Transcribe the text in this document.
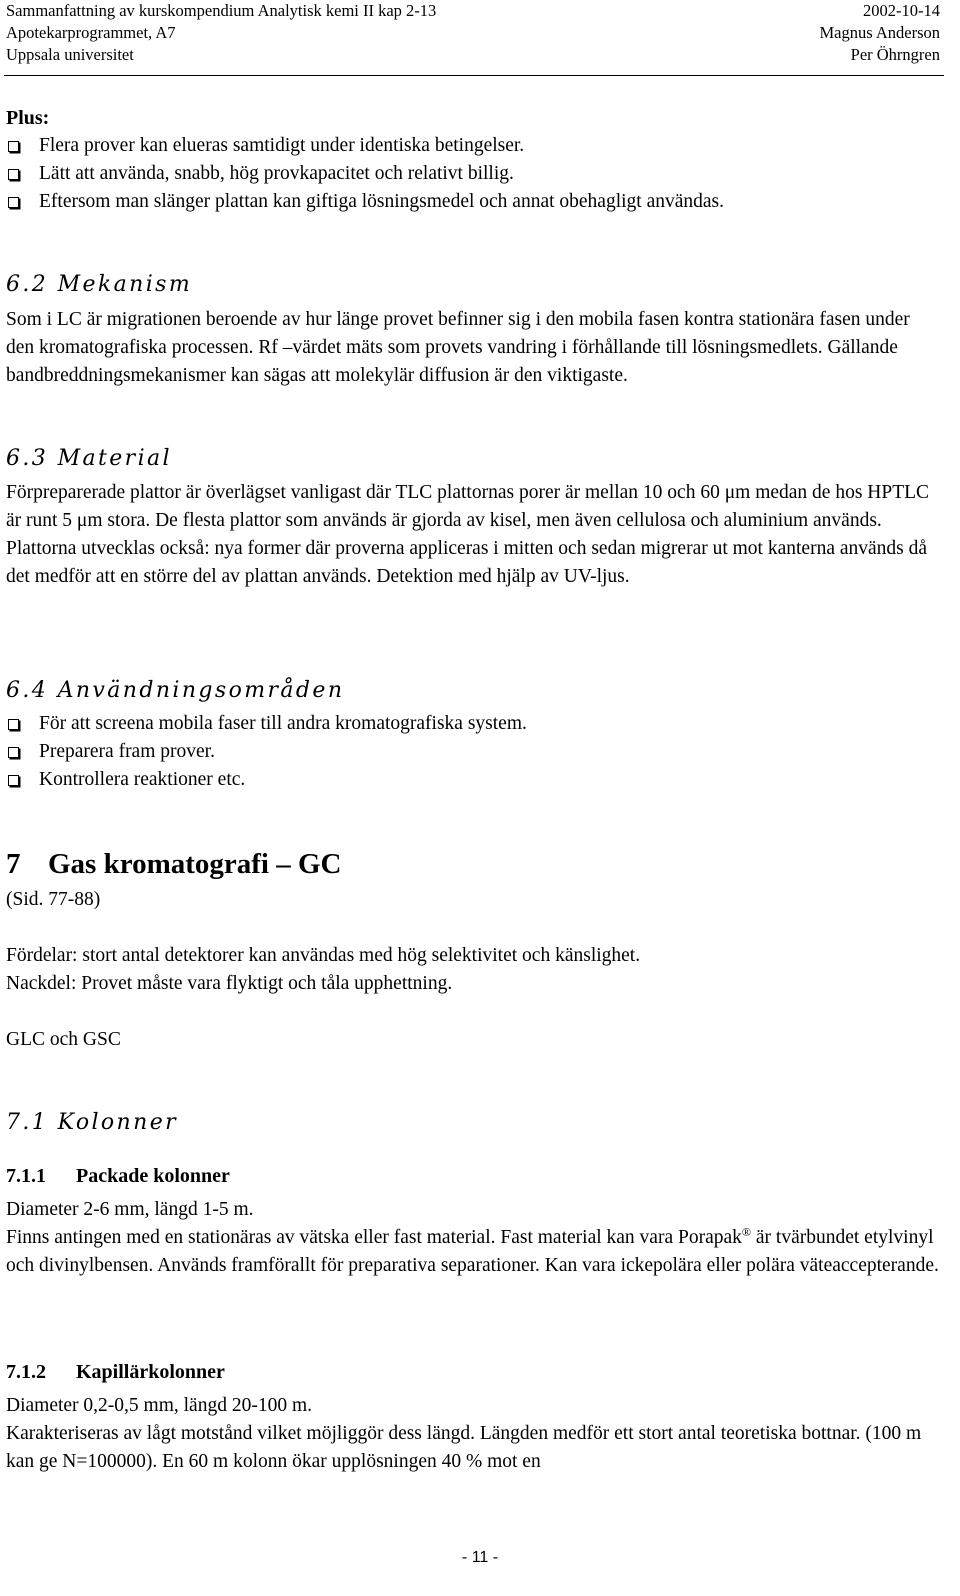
Sammanfattning av kurskompendium Analytisk kemi II kap 2-13	2002-10-14
Apotekarprogrammet, A7	Magnus Anderson
Uppsala universitet	Per Öhrngren

Plus:

Flera prover kan elueras samtidigt under identiska betingelser.
Lätt att använda, snabb, hög provkapacitet och relativt billig.
Eftersom man slänger plattan kan giftiga lösningsmedel och annat obehagligt användas.

6.2 Mekanism

Som i LC är migrationen beroende av hur länge provet befinner sig i den mobila fasen kontra stationära fasen under den kromatografiska processen. Rf –värdet mäts som provets vandring i förhållande till lösningsmedlets. Gällande bandbreddningsmekanismer kan sägas att molekylär diffusion är den viktigaste.

6.3 Material

Förpreparerade plattor är överlägset vanligast där TLC plattornas porer är mellan 10 och 60 μm medan de hos HPTLC är runt 5 μm stora. De flesta plattor som används är gjorda av kisel, men även cellulosa och aluminium används. Plattorna utvecklas också: nya former där proverna appliceras i mitten och sedan migrerar ut mot kanterna används då det medför att en större del av plattan används. Detektion med hjälp av UV-ljus.

6.4 Användningsområden

För att screena mobila faser till andra kromatografiska system.
Preparera fram prover.
Kontrollera reaktioner etc.

7 Gas kromatografi – GC

(Sid. 77-88)

Fördelar: stort antal detektorer kan användas med hög selektivitet och känslighet.

Nackdel: Provet måste vara flyktigt och tåla upphettning.

GLC och GSC

7.1 Kolonner

7.1.1 Packade kolonner

Diameter 2-6 mm, längd 1-5 m.

Finns antingen med en stationäras av vätska eller fast material. Fast material kan vara Porapak® är tvärbundet etylvinyl och divinylbensen. Används framförallt för preparativa separationer. Kan vara ickepolära eller polära väteaccepterande.

7.1.2 Kapillärkolonner

Diameter 0,2-0,5 mm, längd 20-100 m.

Karakteriseras av lågt motstånd vilket möjliggör dess längd. Längden medför ett stort antal teoretiska bottnar. (100 m kan ge N=100000). En 60 m kolonn ökar upplösningen 40 % mot en

- 11 -
